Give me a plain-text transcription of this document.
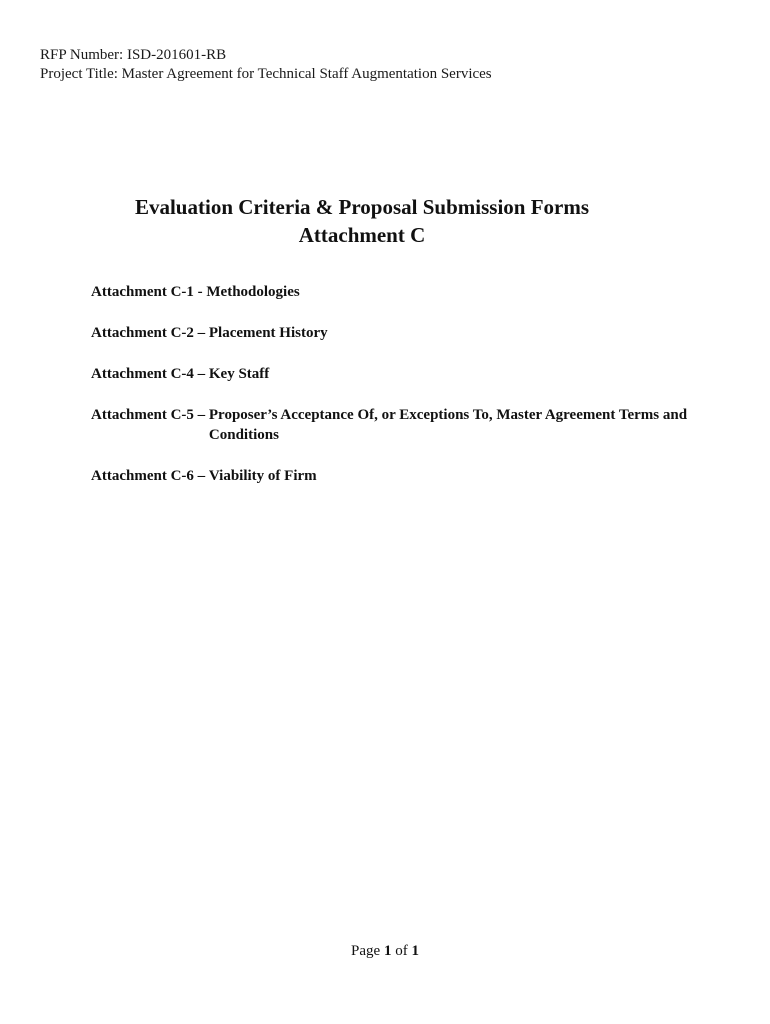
RFP Number: ISD-201601-RB
Project Title: Master Agreement for Technical Staff Augmentation Services
Evaluation Criteria & Proposal Submission Forms
Attachment C
Attachment C-1 - Methodologies
Attachment C-2 – Placement History
Attachment C-4 – Key Staff
Attachment C-5 – Proposer’s Acceptance Of, or Exceptions To, Master Agreement Terms and Conditions
Attachment C-6 – Viability of Firm
Page 1 of 1
